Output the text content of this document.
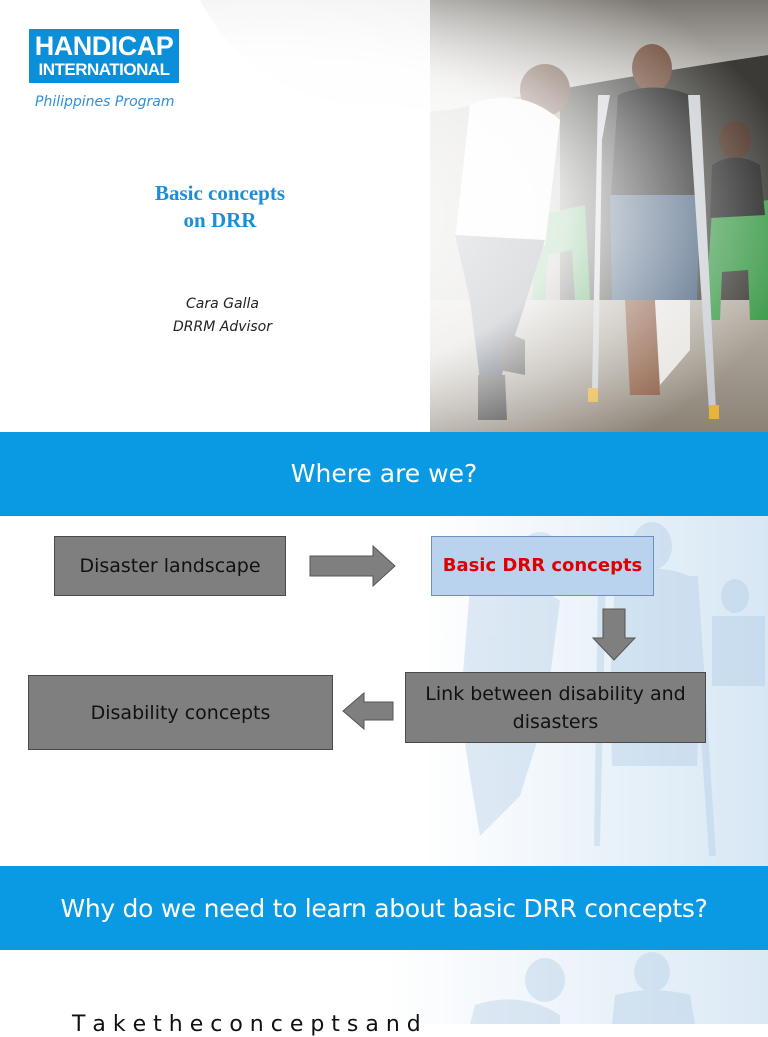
HANDICAP
INTERNATIONAL
Philippines Program
Basic concepts
on DRR
Cara Galla
DRRM Advisor
Where are we?
Disaster landscape	Basic DRR concepts
Link between disability and disasters
Disability concepts
Why do we need to learn about basic DRR concepts?
T a k e t h e c o n c e p t s a n d
